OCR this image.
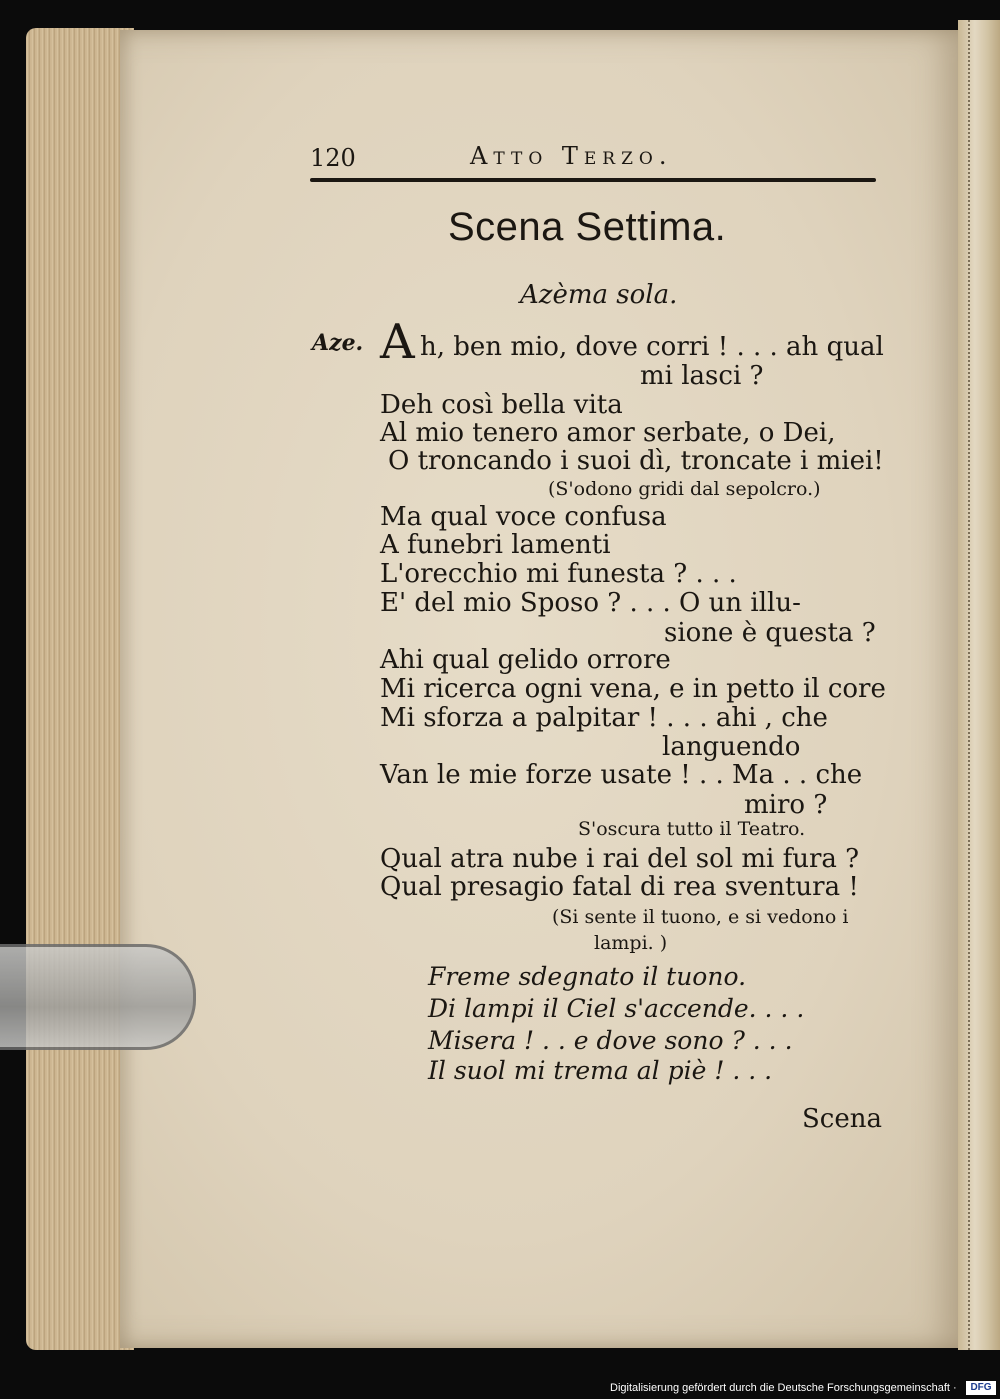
120	Atto Terzo.
Scena Settima.
Azèma sola.
Aze. A h, ben mio, dove corri ! . . . ah qual
mi lasci ?
Deh così bella vita
Al mio tenero amor serbate, o Dei,
O troncando i suoi dì, troncate i miei!
(S'odono gridi dal sepolcro.)
Ma qual voce confusa
A funebri lamenti
L'orecchio mi funesta ? . . .
E' del mio Sposo ? . . . O un illu-
sione è questa ?
Ahi qual gelido orrore
Mi ricerca ogni vena, e in petto il core
Mi sforza a palpitar ! . . . ahi , che
languendo
Van le mie forze usate ! . . Ma . . che
miro ?
S'oscura tutto il Teatro.
Qual atra nube i rai del sol mi fura ?
Qual presagio fatal di rea sventura !
(Si sente il tuono, e si vedono i
lampi. )
Freme sdegnato il tuono.
Di lampi il Ciel s'accende. . . .
Misera ! . . e dove sono ? . . .
Il suol mi trema al piè ! . . .
Scena
Digitalisierung gefördert durch die Deutsche Forschungsgemeinschaft ·	DFG
